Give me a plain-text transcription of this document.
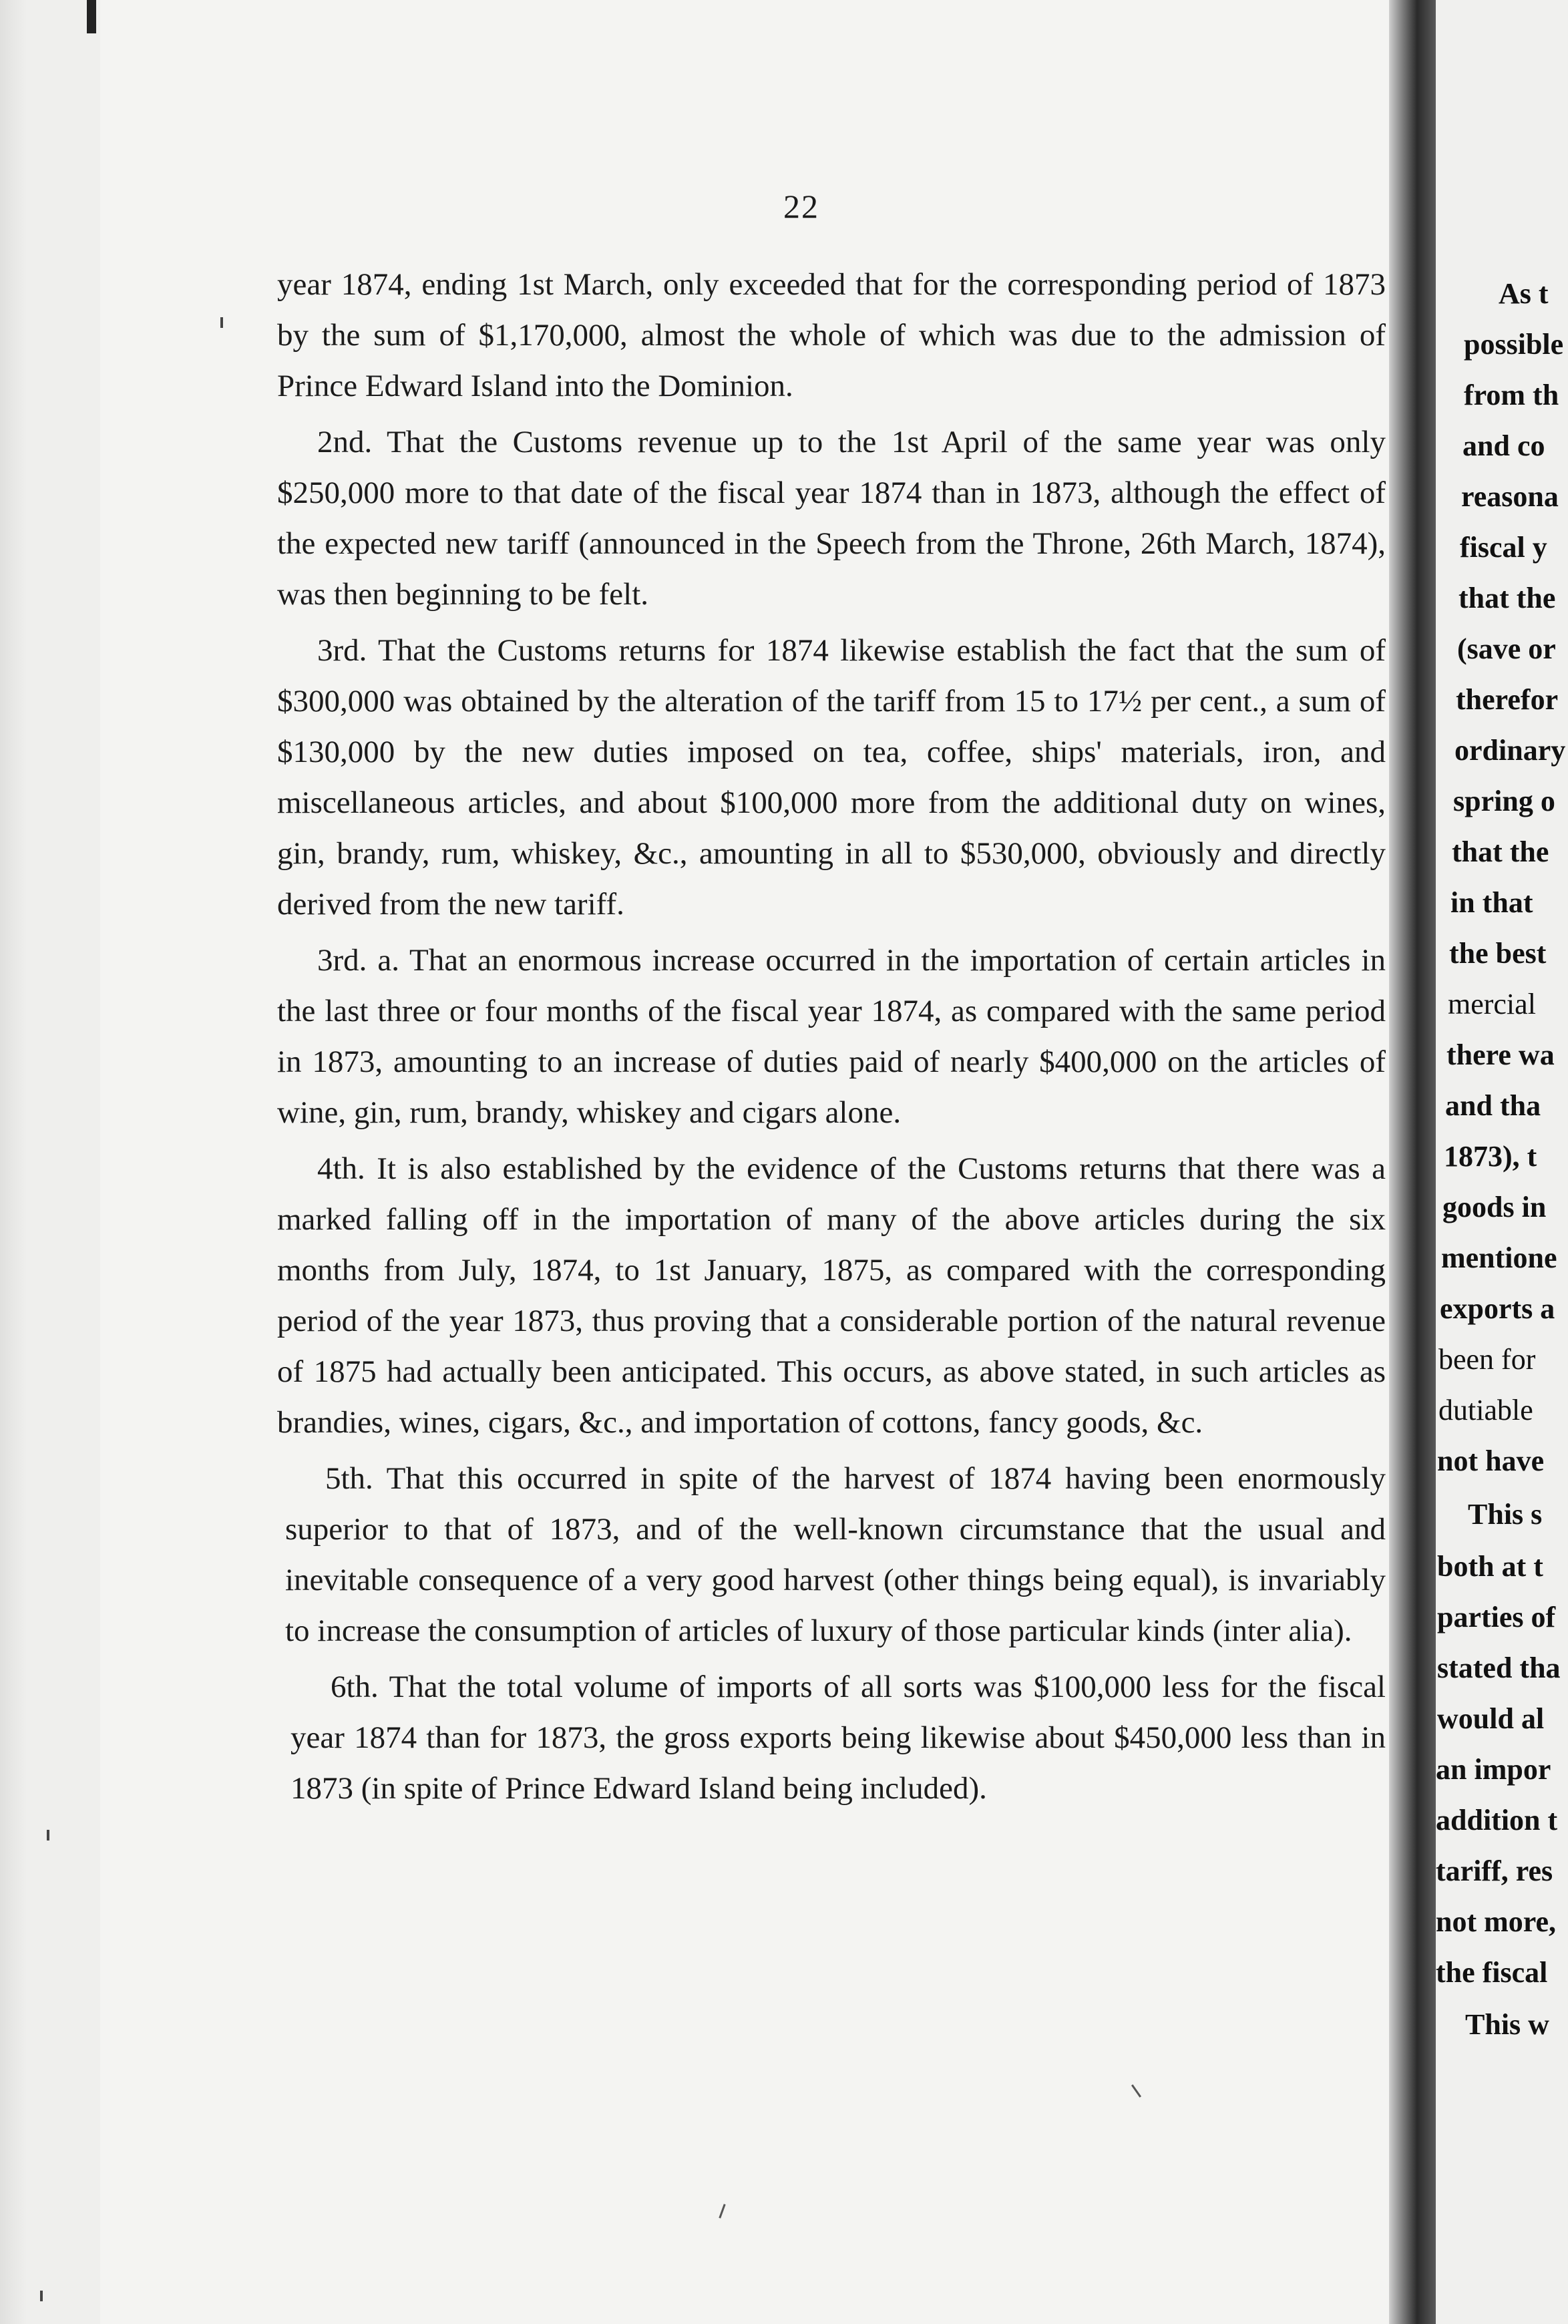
22

year 1874, ending 1st March, only exceeded that for the corresponding period of 1873 by the sum of $1,170,000, almost the whole of which was due to the admission of Prince Edward Island into the Dominion.

2nd. That the Customs revenue up to the 1st April of the same year was only $250,000 more to that date of the fiscal year 1874 than in 1873, although the effect of the expected new tariff (announced in the Speech from the Throne, 26th March, 1874), was then beginning to be felt.

3rd. That the Customs returns for 1874 likewise establish the fact that the sum of $300,000 was obtained by the alteration of the tariff from 15 to 17½ per cent., a sum of $130,000 by the new duties imposed on tea, coffee, ships' materials, iron, and miscellaneous articles, and about $100,000 more from the additional duty on wines, gin, brandy, rum, whiskey, &c., amounting in all to $530,000, obviously and directly derived from the new tariff.

3rd. a. That an enormous increase occurred in the importation of certain articles in the last three or four months of the fiscal year 1874, as compared with the same period in 1873, amounting to an increase of duties paid of nearly $400,000 on the articles of wine, gin, rum, brandy, whiskey and cigars alone.

4th. It is also established by the evidence of the Customs returns that there was a marked falling off in the importation of many of the above articles during the six months from July, 1874, to 1st January, 1875, as compared with the corresponding period of the year 1873, thus proving that a considerable portion of the natural revenue of 1875 had actually been anticipated. This occurs, as above stated, in such articles as brandies, wines, cigars, &c., and importation of cottons, fancy goods, &c.

5th. That this occurred in spite of the harvest of 1874 having been enormously superior to that of 1873, and of the well-known circumstance that the usual and inevitable consequence of a very good harvest (other things being equal), is invariably to increase the consumption of articles of luxury of those particular kinds (inter alia).

6th. That the total volume of imports of all sorts was $100,000 less for the fiscal year 1874 than for 1873, the gross exports being likewise about $450,000 less than in 1873 (in spite of Prince Edward Island being included).

As t
possible
from th
and co
reasona
fiscal y
that the
(save or
therefor
ordinary
spring o
that the
in that
the best
mercial
there wa
and tha
1873), t
goods in
mentione
exports a
been for
dutiable
not have
This s
both at t
parties of
stated tha
would al
an impor
addition t
tariff, res
not more,
the fiscal
This w
